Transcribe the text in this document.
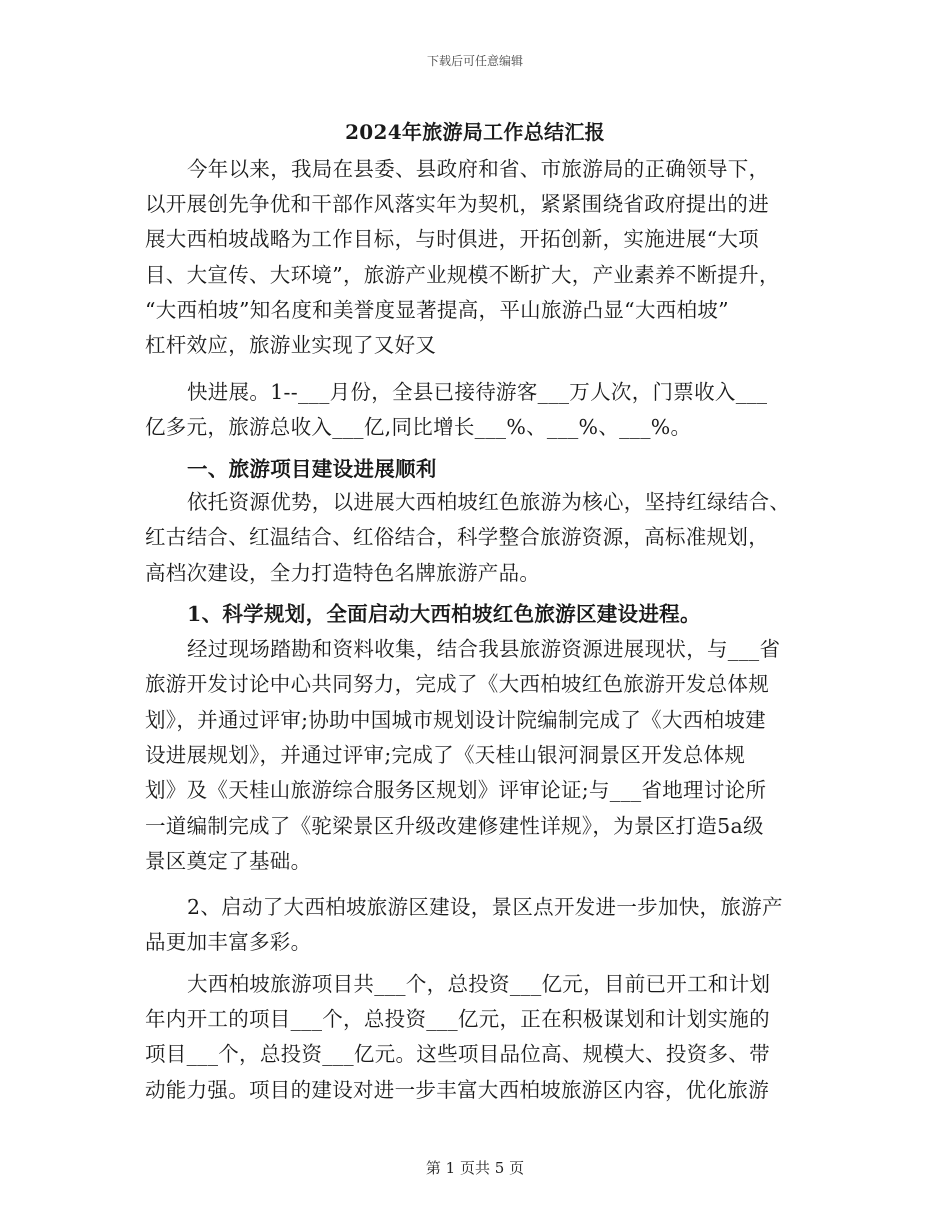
下载后可任意编辑
2024年旅游局工作总结汇报
今年以来，我局在县委、县政府和省、市旅游局的正确领导下，
以开展创先争优和干部作风落实年为契机，紧紧围绕省政府提出的进
展大西柏坡战略为工作目标，与时俱进，开拓创新，实施进展“大项
目、大宣传、大环境”，旅游产业规模不断扩大，产业素养不断提升，
“大西柏坡”知名度和美誉度显著提高，平山旅游凸显“大西柏坡”
杠杆效应，旅游业实现了又好又
快进展。1--___月份，全县已接待游客___万人次，门票收入___
亿多元，旅游总收入___亿,同比增长___%、___%、___%。
一、旅游项目建设进展顺利
依托资源优势，以进展大西柏坡红色旅游为核心，坚持红绿结合、
红古结合、红温结合、红俗结合，科学整合旅游资源，高标准规划，
高档次建设，全力打造特色名牌旅游产品。
1、科学规划，全面启动大西柏坡红色旅游区建设进程。
经过现场踏勘和资料收集，结合我县旅游资源进展现状，与___省
旅游开发讨论中心共同努力，完成了《大西柏坡红色旅游开发总体规
划》，并通过评审;协助中国城市规划设计院编制完成了《大西柏坡建
设进展规划》，并通过评审;完成了《天桂山银河洞景区开发总体规
划》及《天桂山旅游综合服务区规划》评审论证;与___省地理讨论所
一道编制完成了《驼梁景区升级改建修建性详规》，为景区打造5a级
景区奠定了基础。
2、启动了大西柏坡旅游区建设，景区点开发进一步加快，旅游产
品更加丰富多彩。
大西柏坡旅游项目共___个，总投资___亿元，目前已开工和计划
年内开工的项目___个，总投资___亿元，正在积极谋划和计划实施的
项目___个，总投资___亿元。这些项目品位高、规模大、投资多、带
动能力强。项目的建设对进一步丰富大西柏坡旅游区内容，优化旅游
第 1 页共 5 页
